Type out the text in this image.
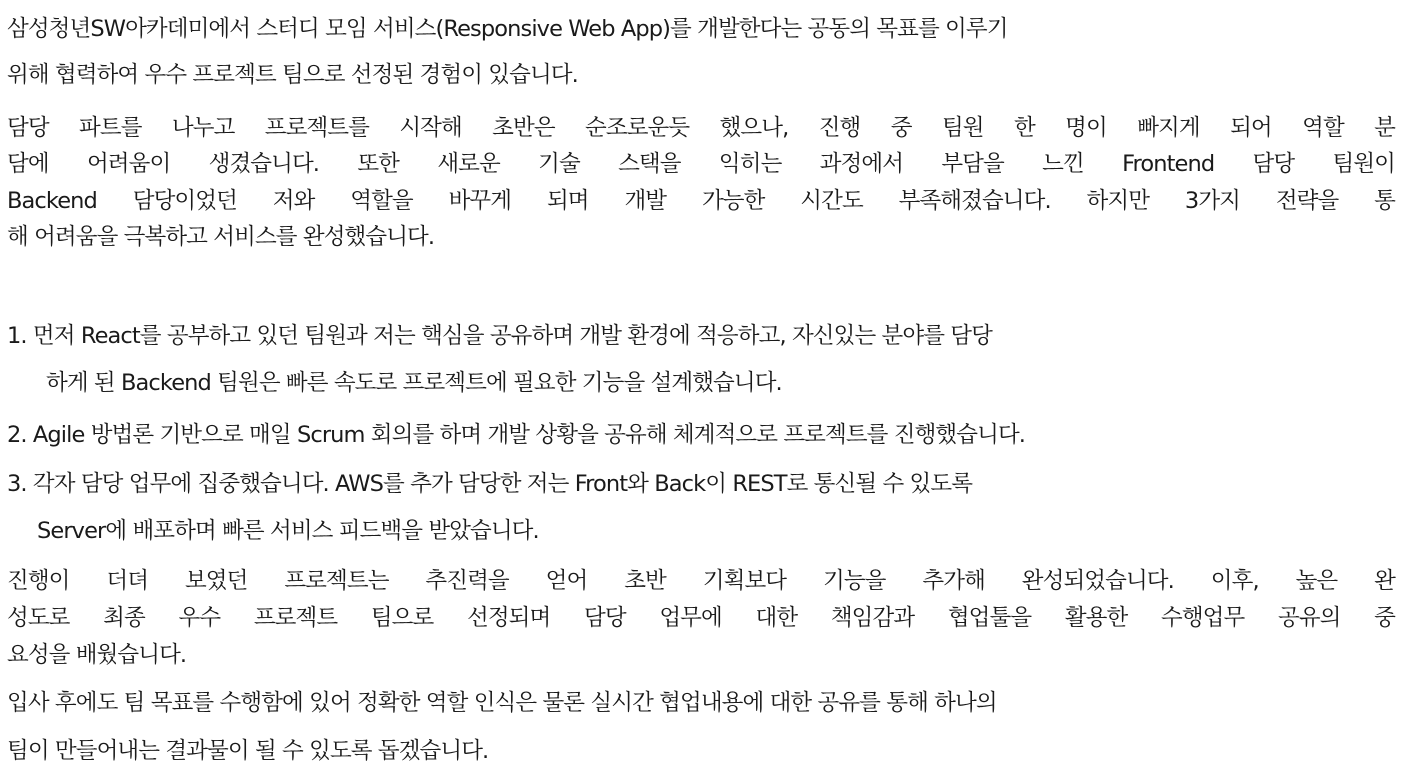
삼성청년SW아카데미에서 스터디 모임 서비스(Responsive Web App)를 개발한다는 공동의 목표를 이루기
위해 협력하여 우수 프로젝트 팀으로 선정된 경험이 있습니다.
담당 파트를 나누고 프로젝트를 시작해 초반은 순조로운듯 했으나, 진행 중 팀원 한 명이 빠지게 되어 역할 분
담에 어려움이 생겼습니다. 또한 새로운 기술 스택을 익히는 과정에서 부담을 느낀 Frontend 담당 팀원이
Backend 담당이었던 저와 역할을 바꾸게 되며 개발 가능한 시간도 부족해졌습니다. 하지만 3가지 전략을 통
해 어려움을 극복하고 서비스를 완성했습니다.
1. 먼저 React를 공부하고 있던 팀원과 저는 핵심을 공유하며 개발 환경에 적응하고, 자신있는 분야를 담당
하게 된 Backend 팀원은 빠른 속도로 프로젝트에 필요한 기능을 설계했습니다.
2. Agile 방법론 기반으로 매일 Scrum 회의를 하며 개발 상황을 공유해 체계적으로 프로젝트를 진행했습니다.
3. 각자 담당 업무에 집중했습니다. AWS를 추가 담당한 저는 Front와 Back이 REST로 통신될 수 있도록
Server에 배포하며 빠른 서비스 피드백을 받았습니다.
진행이 더뎌 보였던 프로젝트는 추진력을 얻어 초반 기획보다 기능을 추가해 완성되었습니다. 이후, 높은 완
성도로 최종 우수 프로젝트 팀으로 선정되며 담당 업무에 대한 책임감과 협업툴을 활용한 수행업무 공유의 중
요성을 배웠습니다.
입사 후에도 팀 목표를 수행함에 있어 정확한 역할 인식은 물론 실시간 협업내용에 대한 공유를 통해 하나의
팀이 만들어내는 결과물이 될 수 있도록 돕겠습니다.
